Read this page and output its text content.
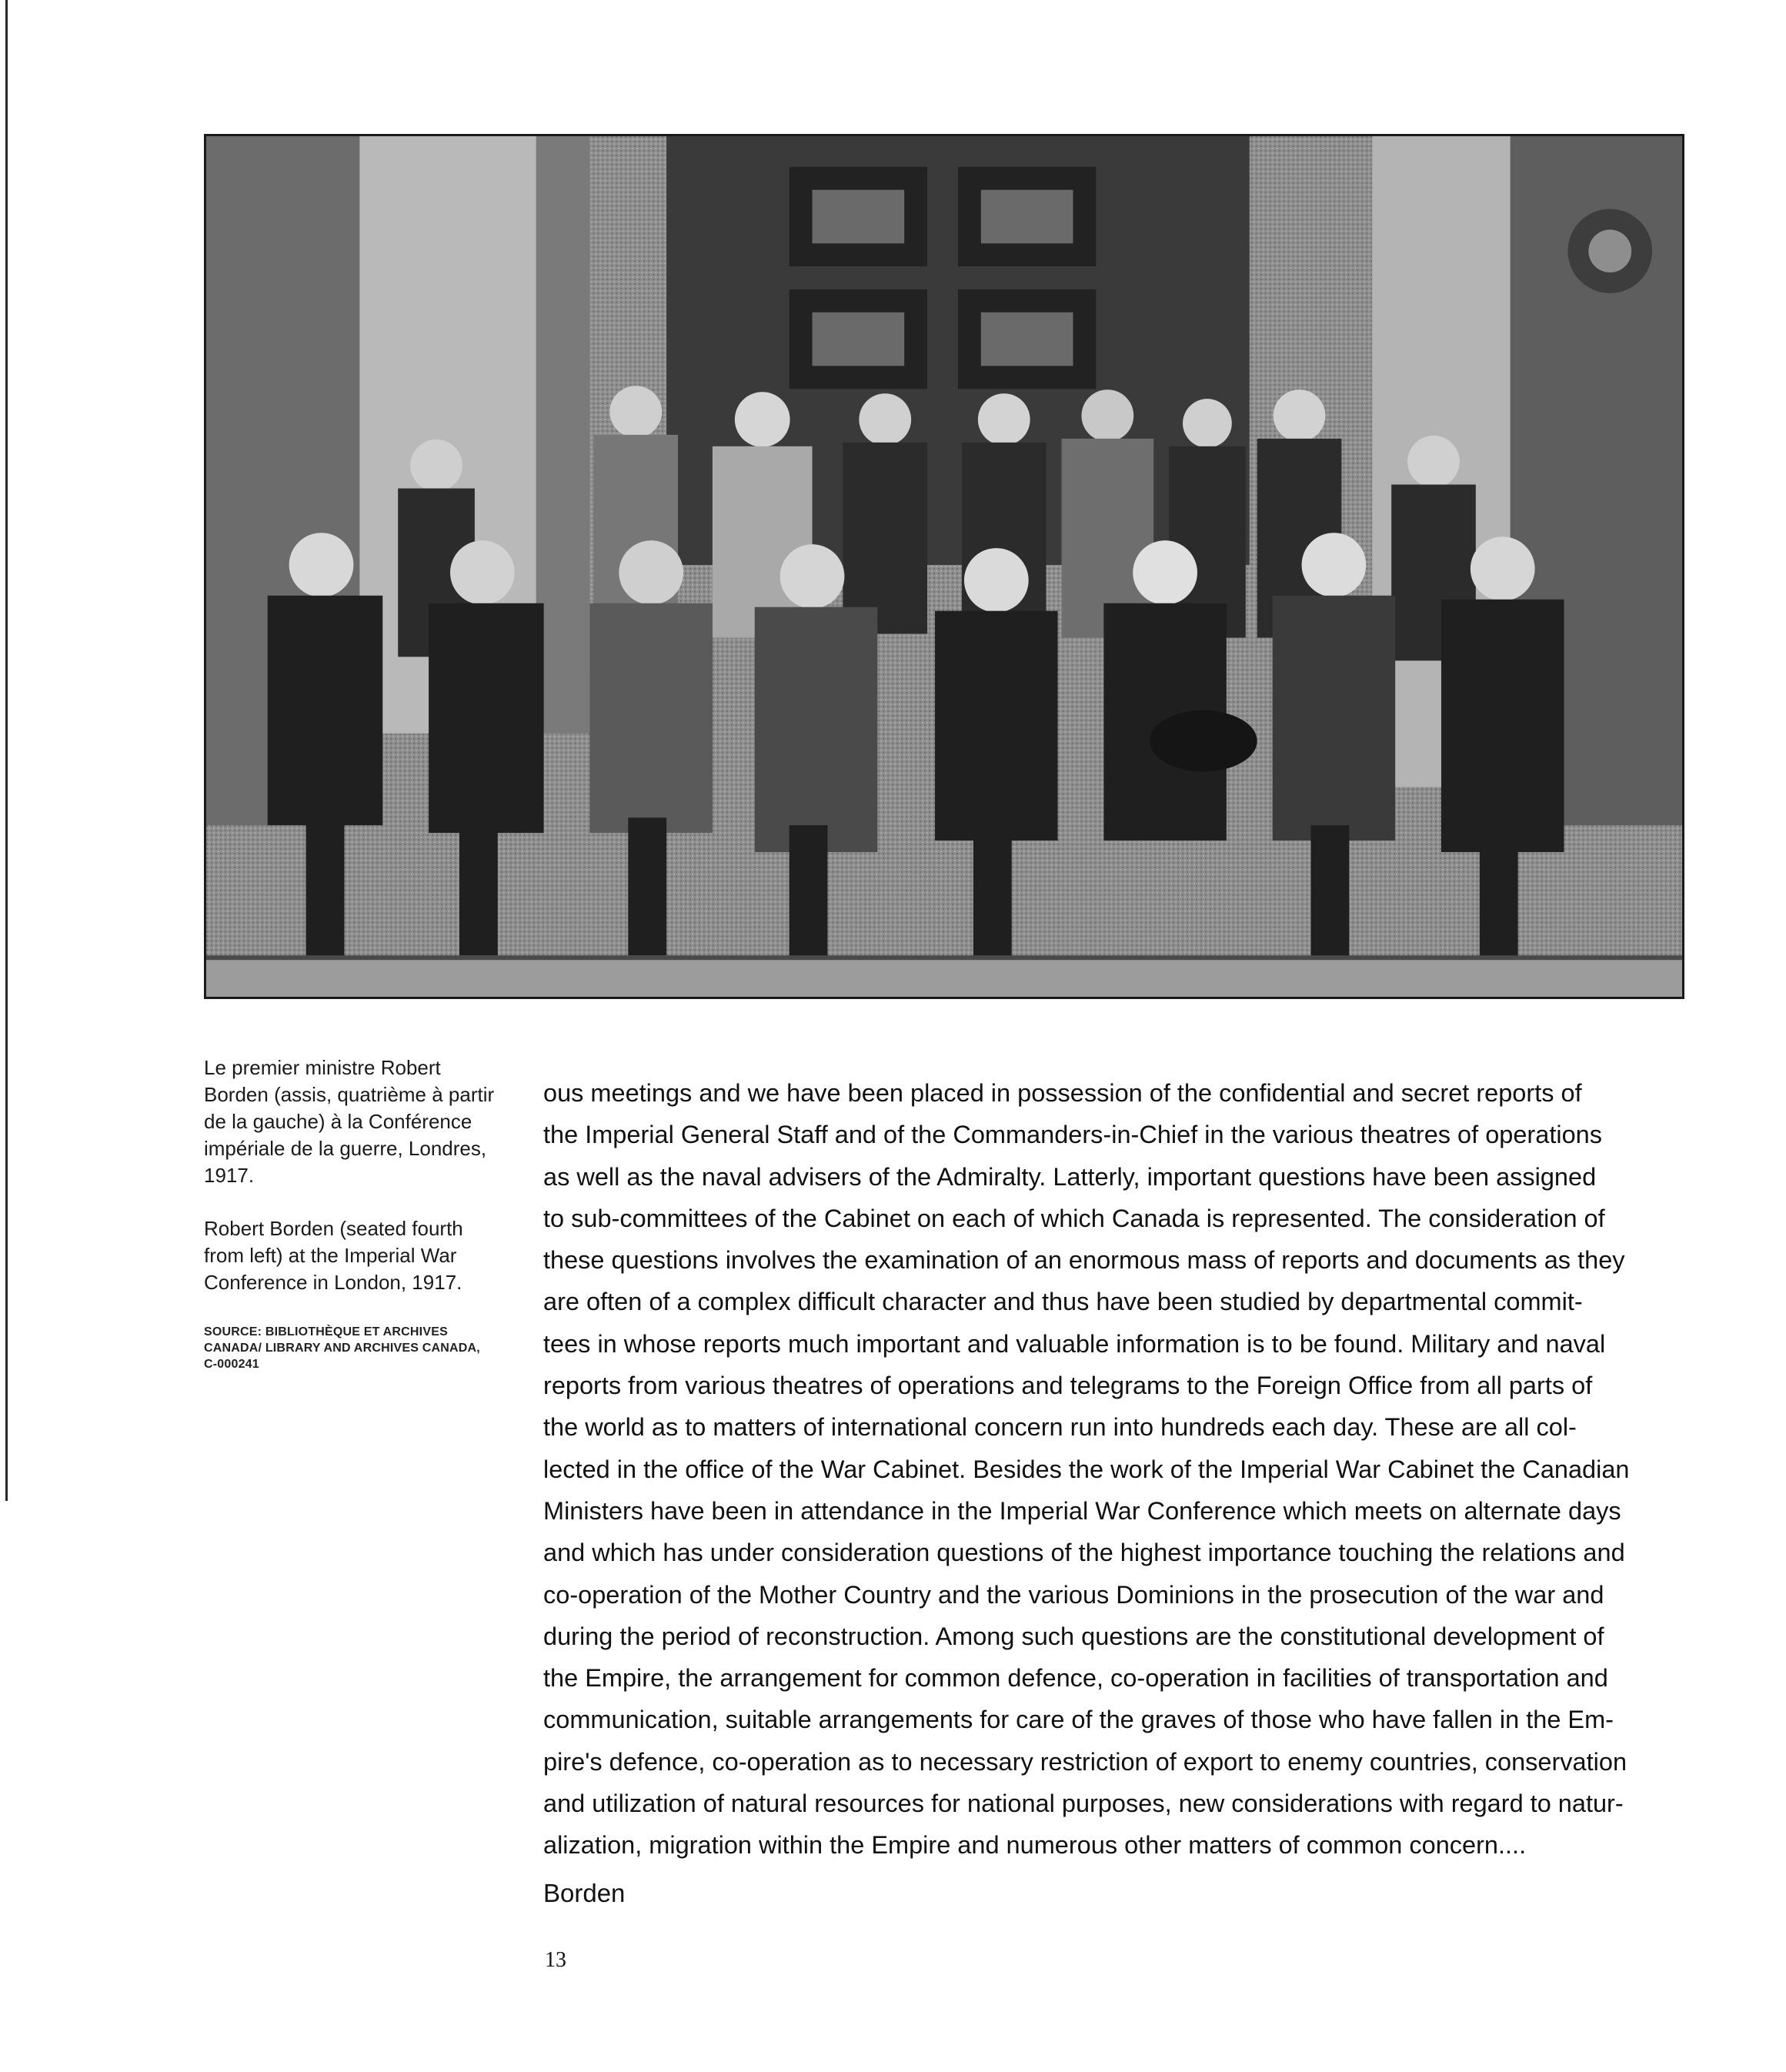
Le premier ministre Robert Borden (assis, quatrième à partir de la gauche) à la Conférence impériale de la guerre, Londres, 1917.

Robert Borden (seated fourth from left) at the Imperial War Conference in London, 1917.

SOURCE: BIBLIOTHÈQUE ET ARCHIVES CANADA/ LIBRARY AND ARCHIVES CANADA, C-000241
ous meetings and we have been placed in possession of the confidential and secret reports of
the Imperial General Staff and of the Commanders-in-Chief in the various theatres of operations
as well as the naval advisers of the Admiralty. Latterly, important questions have been assigned
to sub-committees of the Cabinet on each of which Canada is represented. The consideration of
these questions involves the examination of an enormous mass of reports and documents as they
are often of a complex difficult character and thus have been studied by departmental commit-
tees in whose reports much important and valuable information is to be found. Military and naval
reports from various theatres of operations and telegrams to the Foreign Office from all parts of
the world as to matters of international concern run into hundreds each day. These are all col-
lected in the office of the War Cabinet. Besides the work of the Imperial War Cabinet the Canadian
Ministers have been in attendance in the Imperial War Conference which meets on alternate days
and which has under consideration questions of the highest importance touching the relations and
co-operation of the Mother Country and the various Dominions in the prosecution of the war and
during the period of reconstruction. Among such questions are the constitutional development of
the Empire, the arrangement for common defence, co-operation in facilities of transportation and
communication, suitable arrangements for care of the graves of those who have fallen in the Em-
pire's defence, co-operation as to necessary restriction of export to enemy countries, conservation
and utilization of natural resources for national purposes, new considerations with regard to natur-
alization, migration within the Empire and numerous other matters of common concern....
Borden
13
